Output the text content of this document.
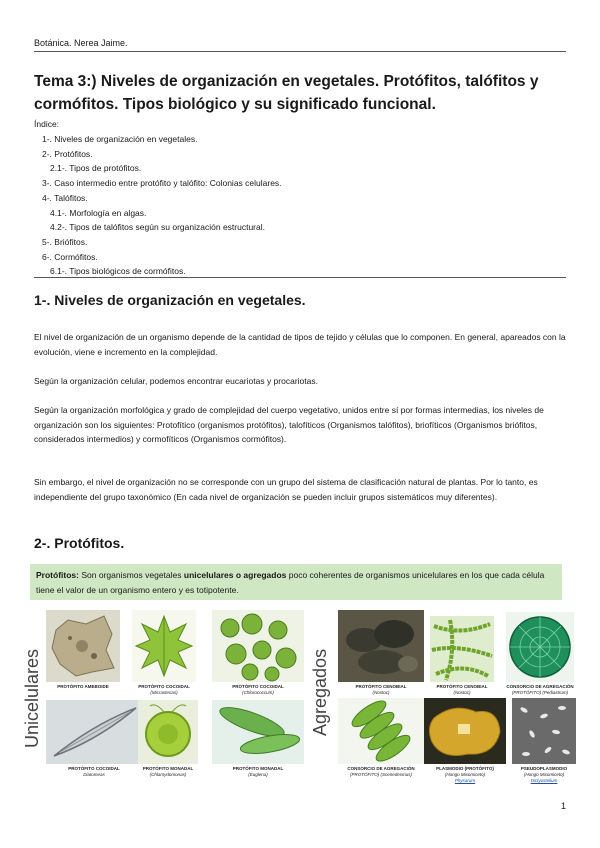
Botánica. Nerea Jaime.
Tema 3:) Niveles de organización en vegetales. Protófitos, talófitos y cormófitos. Tipos biológico y su significado funcional.
Índice:
1-. Niveles de organización en vegetales.
2-. Protófitos.
2.1-. Tipos de protófitos.
3-. Caso intermedio entre protófito y talófito: Colonias celulares.
4-. Talófitos.
4.1-. Morfología en algas.
4.2-. Tipos de talófitos según su organización estructural.
5-. Briófitos.
6-. Cormófitos.
6.1-. Tipos biológicos de cormófitos.
1-. Niveles de organización en vegetales.

El nivel de organización de un organismo depende de la cantidad de tipos de tejido y células que lo componen. En general, apareados con la evolución, viene e incremento en la complejidad.

Según la organización celular, podemos encontrar eucariotas y procariotas.

Según la organización morfológica y grado de complejidad del cuerpo vegetativo, unidos entre sí por formas intermedias, los niveles de organización son los siguientes: Protofítico (organismos protófitos), talofíticos (Organismos talófitos), briofíticos (Organismos briófitos, considerados intermedios) y cormofíticos (Organismos cormófitos).

Sin embargo, el nivel de organización no se corresponde con un grupo del sistema de clasificación natural de plantas. Por lo tanto, es independiente del grupo taxonómico (En cada nivel de organización se pueden incluir grupos sistemáticos muy diferentes).

2-. Protófitos.
Protófitos: Son organismos vegetales unicelulares o agregados poco coherentes de organismos unicelulares en los que cada célula tiene el valor de un organismo entero y es totipotente.
Unicelulares	Agregados
PROTÓFITO AMEBOIDE	PROTÓFITO COCOIDAL
(Micrasterias)
PROTÓFITO COCOIDAL
(Chlorococcum)
PROTÓFITO COCOIDAL
Diatomeas
PROTÓFITO MONADAL
(Chlamydomonas)
PROTÓFITO MONADAL
(Euglena)
PROTÓFITO CENOBIAL
(Nostoc)
PROTÓFITO CENOBIAL
(Nostoc)
CONSORCIO DE AGREGACIÓN
(PROTÓFITO) (Pediastrum)
CONSORCIO DE AGREGACIÓN
(PROTÓFITO) (Scenedesmus)
PLASMODIO (PROTÓFITO)
(Hongo Mixomiceto)
Physarum
PSEUDOPLASMODIO
(Hongo Mixomiceto)
Dictyostelium
1
